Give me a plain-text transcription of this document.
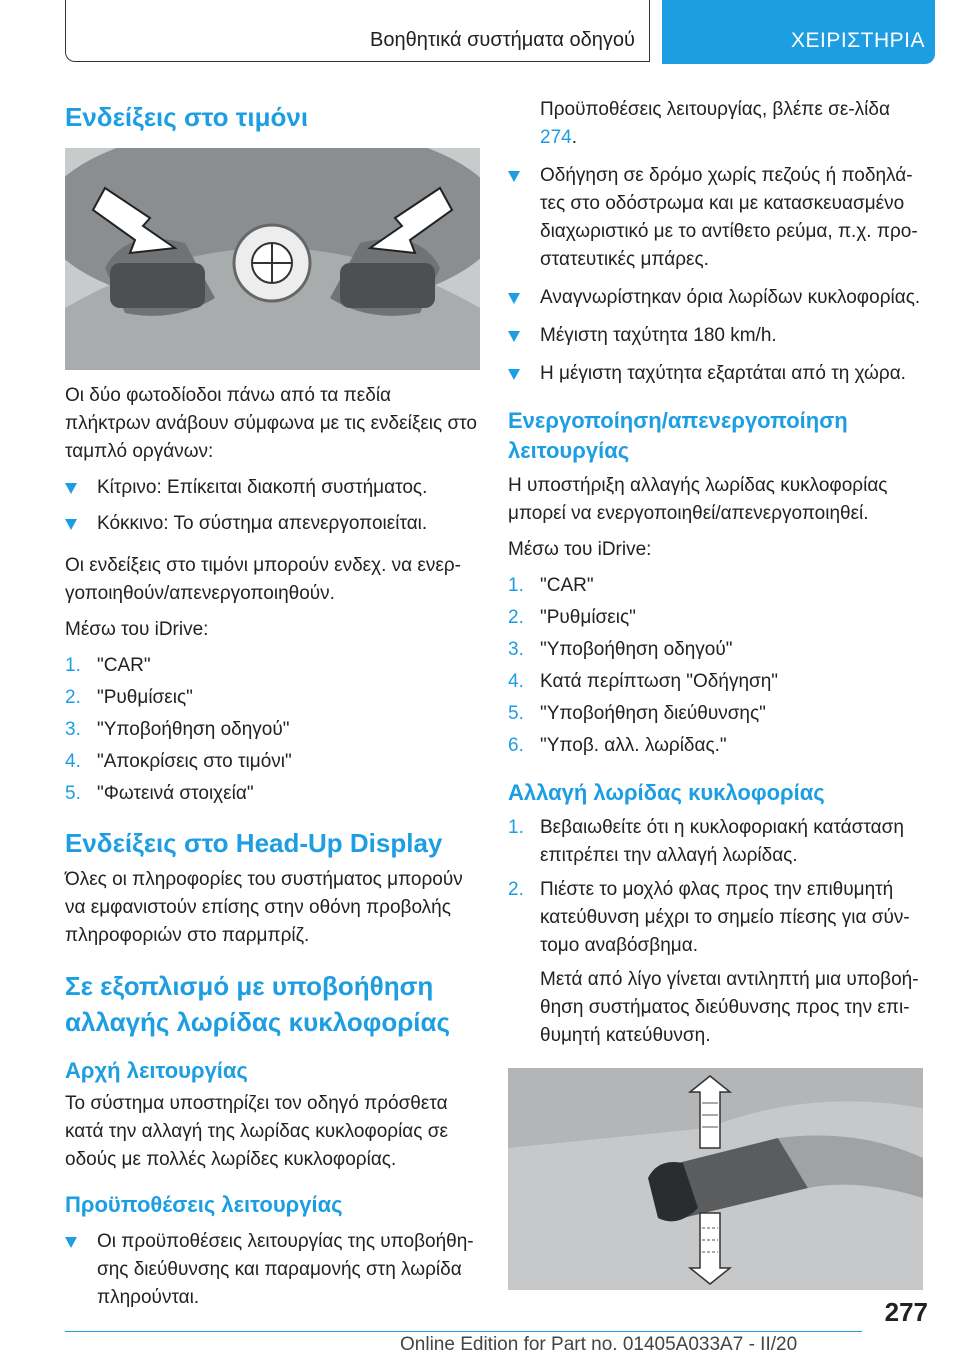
Βοηθητικά συστήματα οδηγού	ΧΕΙΡΙΣΤΗΡΙΑ
Ενδείξεις στο τιμόνι

Οι δύο φωτοδίοδοι πάνω από τα πεδία πλήκτρων ανάβουν σύμφωνα με τις ενδείξεις στο ταμπλό οργάνων:

Κίτρινο: Επίκειται διακοπή συστήματος.
Κόκκινο: Το σύστημα απενεργοποιείται.

Οι ενδείξεις στο τιμόνι μπορούν ενδεχ. να ενερ-γοποιηθούν/απενεργοποιηθούν.

Μέσω του iDrive:

1. "CAR"
2. "Ρυθμίσεις"
3. "Υποβοήθηση οδηγού"
4. "Αποκρίσεις στο τιμόνι"
5. "Φωτεινά στοιχεία"
Ενδείξεις στο Head-Up Display

Όλες οι πληροφορίες του συστήματος μπορούν να εμφανιστούν επίσης στην οθόνη προβολής πληροφοριών στο παρμπρίζ.

Σε εξοπλισμό με υποβοήθηση αλλαγής λωρίδας κυκλοφορίας
Αρχή λειτουργίας

Το σύστημα υποστηρίζει τον οδηγό πρόσθετα κατά την αλλαγή της λωρίδας κυκλοφορίας σε οδούς με πολλές λωρίδες κυκλοφορίας.

Προϋποθέσεις λειτουργίας
Οι προϋποθέσεις λειτουργίας της υποβοήθη-σης διεύθυνσης και παραμονής στη λωρίδα πληρούνται.

Προϋποθέσεις λειτουργίας, βλέπε σε-λίδα 274.

Οδήγηση σε δρόμο χωρίς πεζούς ή ποδηλά-τες στο οδόστρωμα και με κατασκευασμένο διαχωριστικό με το αντίθετο ρεύμα, π.χ. προ-στατευτικές μπάρες.
Αναγνωρίστηκαν όρια λωρίδων κυκλοφορίας.
Μέγιστη ταχύτητα 180 km/h.
Η μέγιστη ταχύτητα εξαρτάται από τη χώρα.
Ενεργοποίηση/απενεργοποίηση λειτουργίας

Η υποστήριξη αλλαγής λωρίδας κυκλοφορίας μπορεί να ενεργοποιηθεί/απενεργοποιηθεί.

Μέσω του iDrive:

1. "CAR"
2. "Ρυθμίσεις"
3. "Υποβοήθηση οδηγού"
4. Κατά περίπτωση "Οδήγηση"
5. "Υποβοήθηση διεύθυνσης"
6. "Υποβ. αλλ. λωρίδας."
Αλλαγή λωρίδας κυκλοφορίας
1. Βεβαιωθείτε ότι η κυκλοφοριακή κατάσταση επιτρέπει την αλλαγή λωρίδας.
2. Πιέστε το μοχλό φλας προς την επιθυμητή κατεύθυνση μέχρι το σημείο πίεσης για σύν-τομο αναβόσβημα.

Μετά από λίγο γίνεται αντιληπτή μια υποβοή-θηση συστήματος διεύθυνσης προς την επι-θυμητή κατεύθυνση.

277
Online Edition for Part no. 01405A033A7 - II/20
